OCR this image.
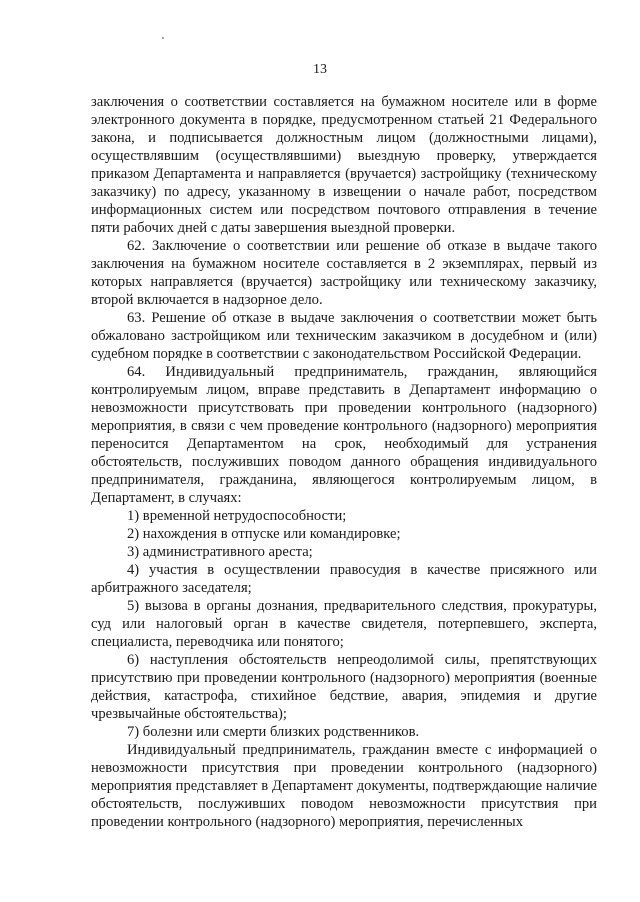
13

заключения о соответствии составляется на бумажном носителе или в форме электронного документа в порядке, предусмотренном статьей 21 Федерального закона, и подписывается должностным лицом (должностными лицами), осуществлявшим (осуществлявшими) выездную проверку, утверждается приказом Департамента и направляется (вручается) застройщику (техническому заказчику) по адресу, указанному в извещении о начале работ, посредством информационных систем или посредством почтового отправления в течение пяти рабочих дней с даты завершения выездной проверки.

62. Заключение о соответствии или решение об отказе в выдаче такого заключения на бумажном носителе составляется в 2 экземплярах, первый из которых направляется (вручается) застройщику или техническому заказчику, второй включается в надзорное дело.

63. Решение об отказе в выдаче заключения о соответствии может быть обжаловано застройщиком или техническим заказчиком в досудебном и (или) судебном порядке в соответствии с законодательством Российской Федерации.

64. Индивидуальный предприниматель, гражданин, являющийся контролируемым лицом, вправе представить в Департамент информацию о невозможности присутствовать при проведении контрольного (надзорного) мероприятия, в связи с чем проведение контрольного (надзорного) мероприятия переносится Департаментом на срок, необходимый для устранения обстоятельств, послуживших поводом данного обращения индивидуального предпринимателя, гражданина, являющегося контролируемым лицом, в Департамент, в случаях:

1) временной нетрудоспособности;

2) нахождения в отпуске или командировке;

3) административного ареста;

4) участия в осуществлении правосудия в качестве присяжного или арбитражного заседателя;

5) вызова в органы дознания, предварительного следствия, прокуратуры, суд или налоговый орган в качестве свидетеля, потерпевшего, эксперта, специалиста, переводчика или понятого;

6) наступления обстоятельств непреодолимой силы, препятствующих присутствию при проведении контрольного (надзорного) мероприятия (военные действия, катастрофа, стихийное бедствие, авария, эпидемия и другие чрезвычайные обстоятельства);

7) болезни или смерти близких родственников.

Индивидуальный предприниматель, гражданин вместе с информацией о невозможности присутствия при проведении контрольного (надзорного) мероприятия представляет в Департамент документы, подтверждающие наличие обстоятельств, послуживших поводом невозможности присутствия при проведении контрольного (надзорного) мероприятия, перечисленных
